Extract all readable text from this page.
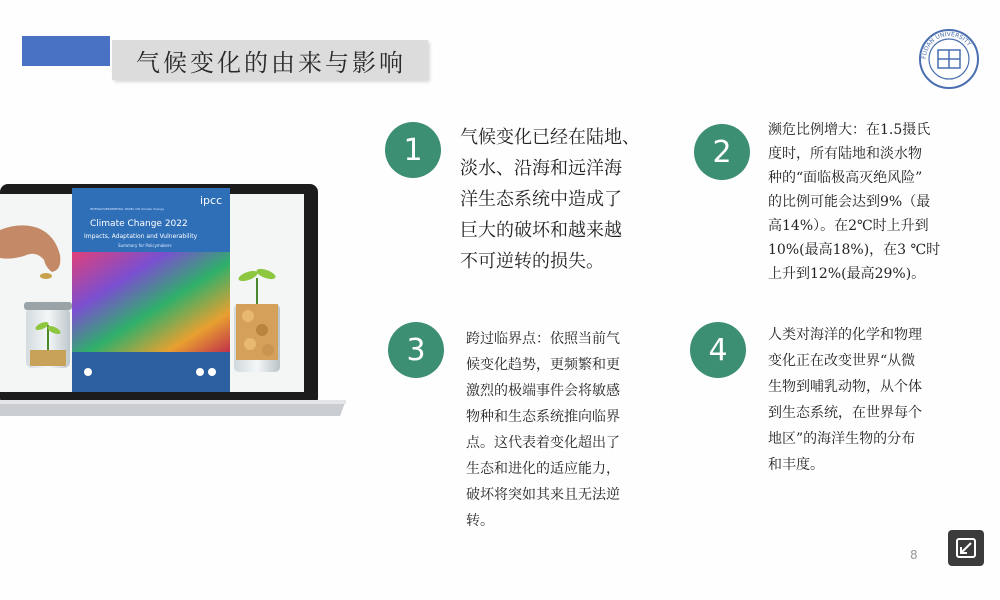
气候变化的由来与影响	FUDAN UNIVERSITY
ipcc
INTERGOVERNMENTAL PANEL ON climate change
Climate Change 2022
Impacts, Adaptation and Vulnerability
Summary for Policymakers
1 气候变化已经在陆地、
淡水、沿海和远洋海
洋生态系统中造成了
巨大的破坏和越来越
不可逆转的损失。
2
濒危比例增大：在1.5摄氏
度时，所有陆地和淡水物
种的“面临极高灭绝风险”
的比例可能会达到9%（最
高14%）。在2℃时上升到
10%(最高18%)，在3 ℃时
上升到12%(最高29%)。
3	跨过临界点：依照当前气
候变化趋势，更频繁和更
激烈的极端事件会将敏感
物种和生态系统推向临界
点。这代表着变化超出了
生态和进化的适应能力，
破坏将突如其来且无法逆
转。
4	人类对海洋的化学和物理
变化正在改变世界“从微
生物到哺乳动物，从个体
到生态系统，在世界每个
地区”的海洋生物的分布
和丰度。
8
